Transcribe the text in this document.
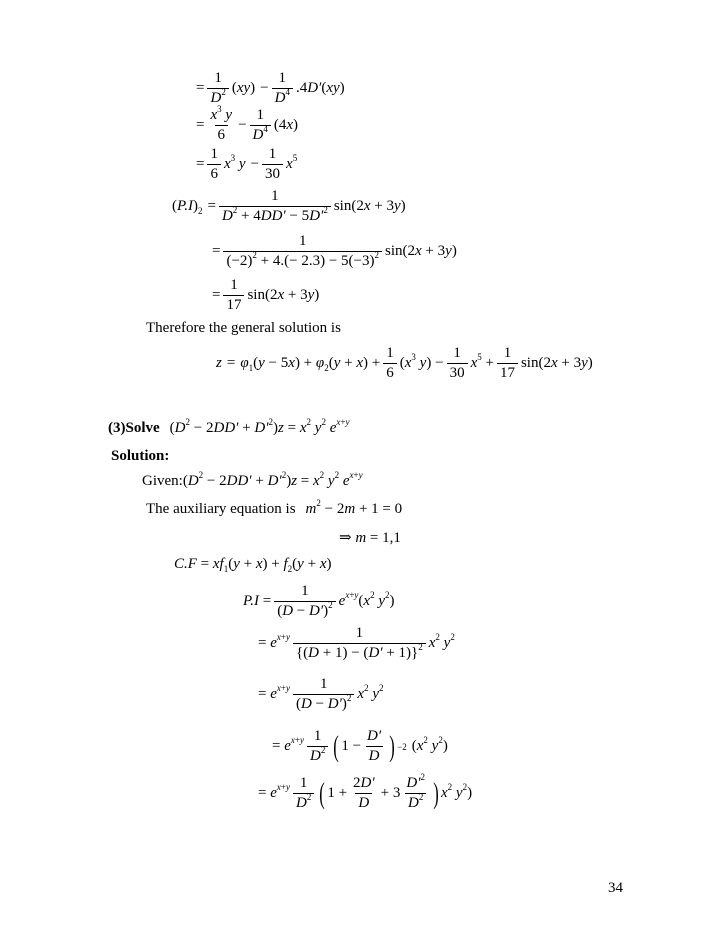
= $\frac{1}{D^2} (xy) - \frac{1}{D^4} .4D'(xy)$
= $\frac{x^3 y}{6} - \frac{1}{D^4} (4x)$
= $\frac{1}{6} x^3$ $y - \frac{1}{30} x^5$
$(P.I)_2 = \frac{1}{D^2 + 4DD' - 5D'^2} \sin(2x + 3y)$
= $\frac{1}{(-2)^2 + 4.(- 2.3) - 5(-3)^2} \sin(2x + 3y)$
= $\frac{1}{17} \sin(2x + 3y)$
Therefore the general solution is
$z = \varphi_1(y - 5x) + \varphi_2(y + x) + \frac{1}{6} (x^3$ $y) - \frac{1}{30} x^5 + \frac{1}{17} \sin(2x + 3y)$
(3)Solve $(D^2 - 2DD' + D'^2)z = x^2$ $y^2$ $e^{x+y}$
Solution:
Given: $(D^2 - 2DD' + D'^2)z = x^2$ $y^2$ $e^{x+y}$
The auxiliary equation is $m^2 - 2m + 1 = 0$
⇒ m = 1,1
$C.F = xf_1(y + x) + f_2(y + x)$
$P.I = \frac{1}{(D - D')^2} e^{x+y}(x^2$ $y^2$)
= $e^{x+y} \frac{1}{\{(D + 1) - (D' + 1)\}^2} x^2$ $y^2$
= $e^{x+y} \frac{1}{(D - D')^2} x^2$ $y^2$
= $e^{x+y} \frac{1}{D^2}$ ( $1 - \frac{D'}{D}$ ) −2 ($x^2$ $y^2$)
= $e^{x+y} \frac{1}{D^2}$ ( $1 + \frac{2D'}{D} + 3 \frac{D'^2}{D^2}$ ) $x^2$ $y^2$)
34
